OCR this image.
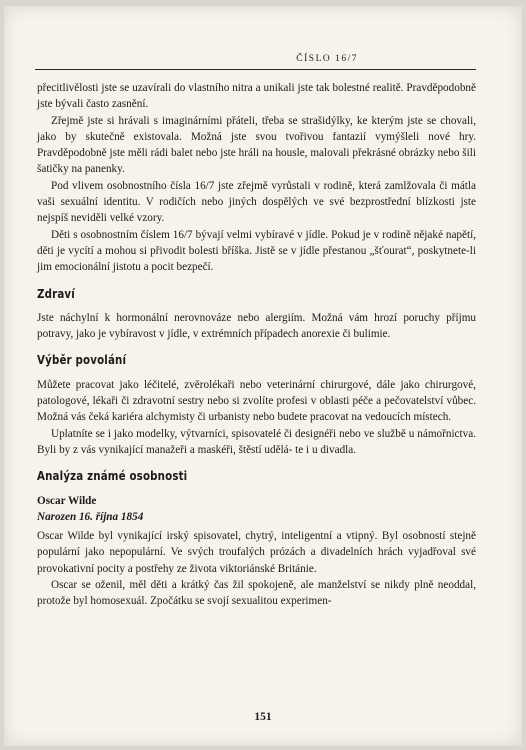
ČÍSLO 16/7

přecitlivělosti jste se uzavírali do vlastního nitra a unikali jste tak bolestné realitě. Pravděpodobně jste bývali často zasnění.

Zřejmě jste si hrávali s imaginárními přáteli, třeba se strašidýlky, ke kterým jste se chovali, jako by skutečně existovala. Možná jste svou tvořivou fantazií vymýšleli nové hry. Pravděpodobně jste měli rádi balet nebo jste hráli na housle, malovali překrásné obrázky nebo šili šatičky na panenky.

Pod vlivem osobnostního čísla 16/7 jste zřejmě vyrůstali v rodině, která zamlžovala či mátla vaši sexuální identitu. V rodičích nebo jiných dospělých ve své bezprostřední blízkosti jste nejspíš neviděli velké vzory.

Děti s osobnostním číslem 16/7 bývají velmi vybíravé v jídle. Pokud je v rodině nějaké napětí, děti je vycítí a mohou si přivodit bolesti bříška. Jistě se v jídle přestanou „šťourat“, poskytnete-li jim emocionální jistotu a pocit bezpečí.

Zdraví

Jste náchylní k hormonální nerovnováze nebo alergiím. Možná vám hrozí poruchy příjmu potravy, jako je vybíravost v jídle, v extrémních případech anorexie či bulimie.

Výběr povolání

Můžete pracovat jako léčitelé, zvěrolékaři nebo veterinární chirurgové, dále jako chirurgové, patologové, lékaři či zdravotní sestry nebo si zvolíte profesi v oblasti péče a pečovatelství vůbec. Možná vás čeká kariéra alchymisty či urbanisty nebo budete pracovat na vedoucích místech.

Uplatníte se i jako modelky, výtvarníci, spisovatelé či designéři nebo ve službě u námořnictva. Byli by z vás vynikající manažeři a maskéři, štěstí udělá- te i u divadla.

Analýza známé osobnosti

Oscar Wilde

Narozen 16. října 1854

Oscar Wilde byl vynikající irský spisovatel, chytrý, inteligentní a vtipný. Byl osobností stejně populární jako nepopulární. Ve svých troufalých prózách a divadelních hrách vyjadřoval své provokativní pocity a postřehy ze života viktoriánské Británie.

Oscar se oženil, měl děti a krátký čas žil spokojeně, ale manželství se nikdy plně neoddal, protože byl homosexuál. Zpočátku se svojí sexualitou experimen-

151
